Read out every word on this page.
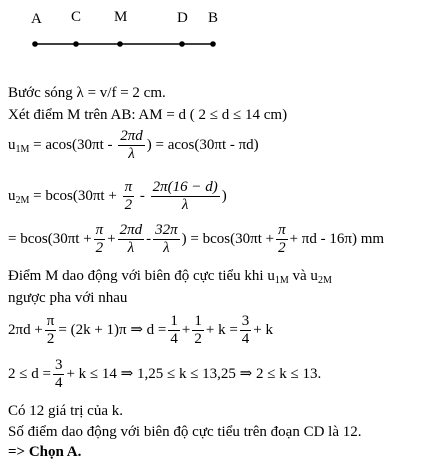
A C M	D B
Bước sóng λ = v/f = 2 cm.
Xét điểm M trên AB: AM = d ( 2 ≤ d ≤ 14 cm)
$u_{1M} = acos(30\pi t - \frac{2\pi d}{\lambda}$ ) = acos(30πt - πd)
$u_{2M} = bcos(30\pi t + \frac{\pi}{2} - \frac{2\pi(16 - d)}{\lambda}$ )
= $bcos(30\pi t + \frac{\pi}{2} + \frac{2\pi d}{\lambda} - \frac{32\pi}{\lambda}$ ) = $bcos(30\pi t + \frac{\pi}{2} + \pi d - 16\pi)$ mm
Điểm M dao động với biên độ cực tiểu khi $u_{1M}$ và $u_{2M}$
ngược pha với nhau
$2\pi d + \frac{\pi}{2} = (2k + 1)\pi$ ⇒ $d = \frac{1}{4} + \frac{1}{2} + k = \frac{3}{4} + k$
$2 \le d = \frac{3}{4} + k \le 14$ ⇒ 1,25 ≤ k ≤ 13,25 ⇒ 2 ≤ k ≤ 13.
Có 12 giá trị của k.
Số điểm dao động với biên độ cực tiểu trên đoạn CD là 12.
=> Chọn A.
